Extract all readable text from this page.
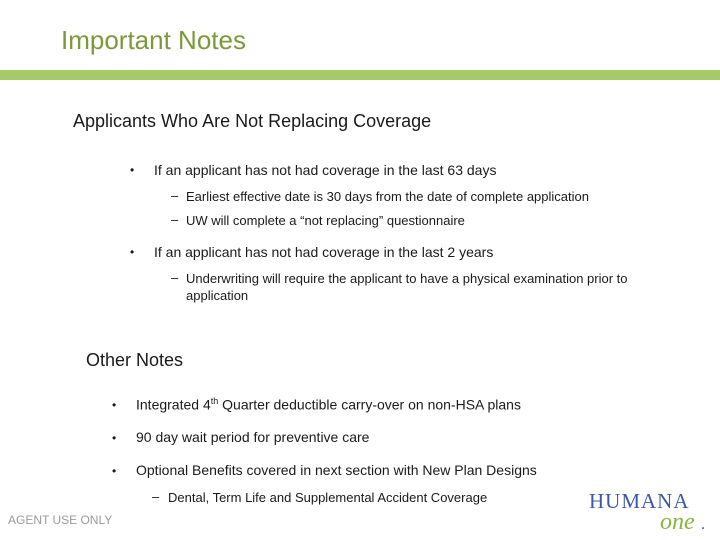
Important Notes
Applicants Who Are Not Replacing Coverage
• If an applicant has not had coverage in the last 63 days
– Earliest effective date is 30 days from the date of complete application
– UW will complete a “not replacing” questionnaire
• If an applicant has not had coverage in the last 2 years
– Underwriting will require the applicant to have a physical examination prior to application
Other Notes
• Integrated 4th Quarter deductible carry-over on non-HSA plans
• 90 day wait period for preventive care
• Optional Benefits covered in next section with New Plan Designs
– Dental, Term Life and Supplemental Accident Coverage
AGENT USE ONLY
HUMANA
one .
